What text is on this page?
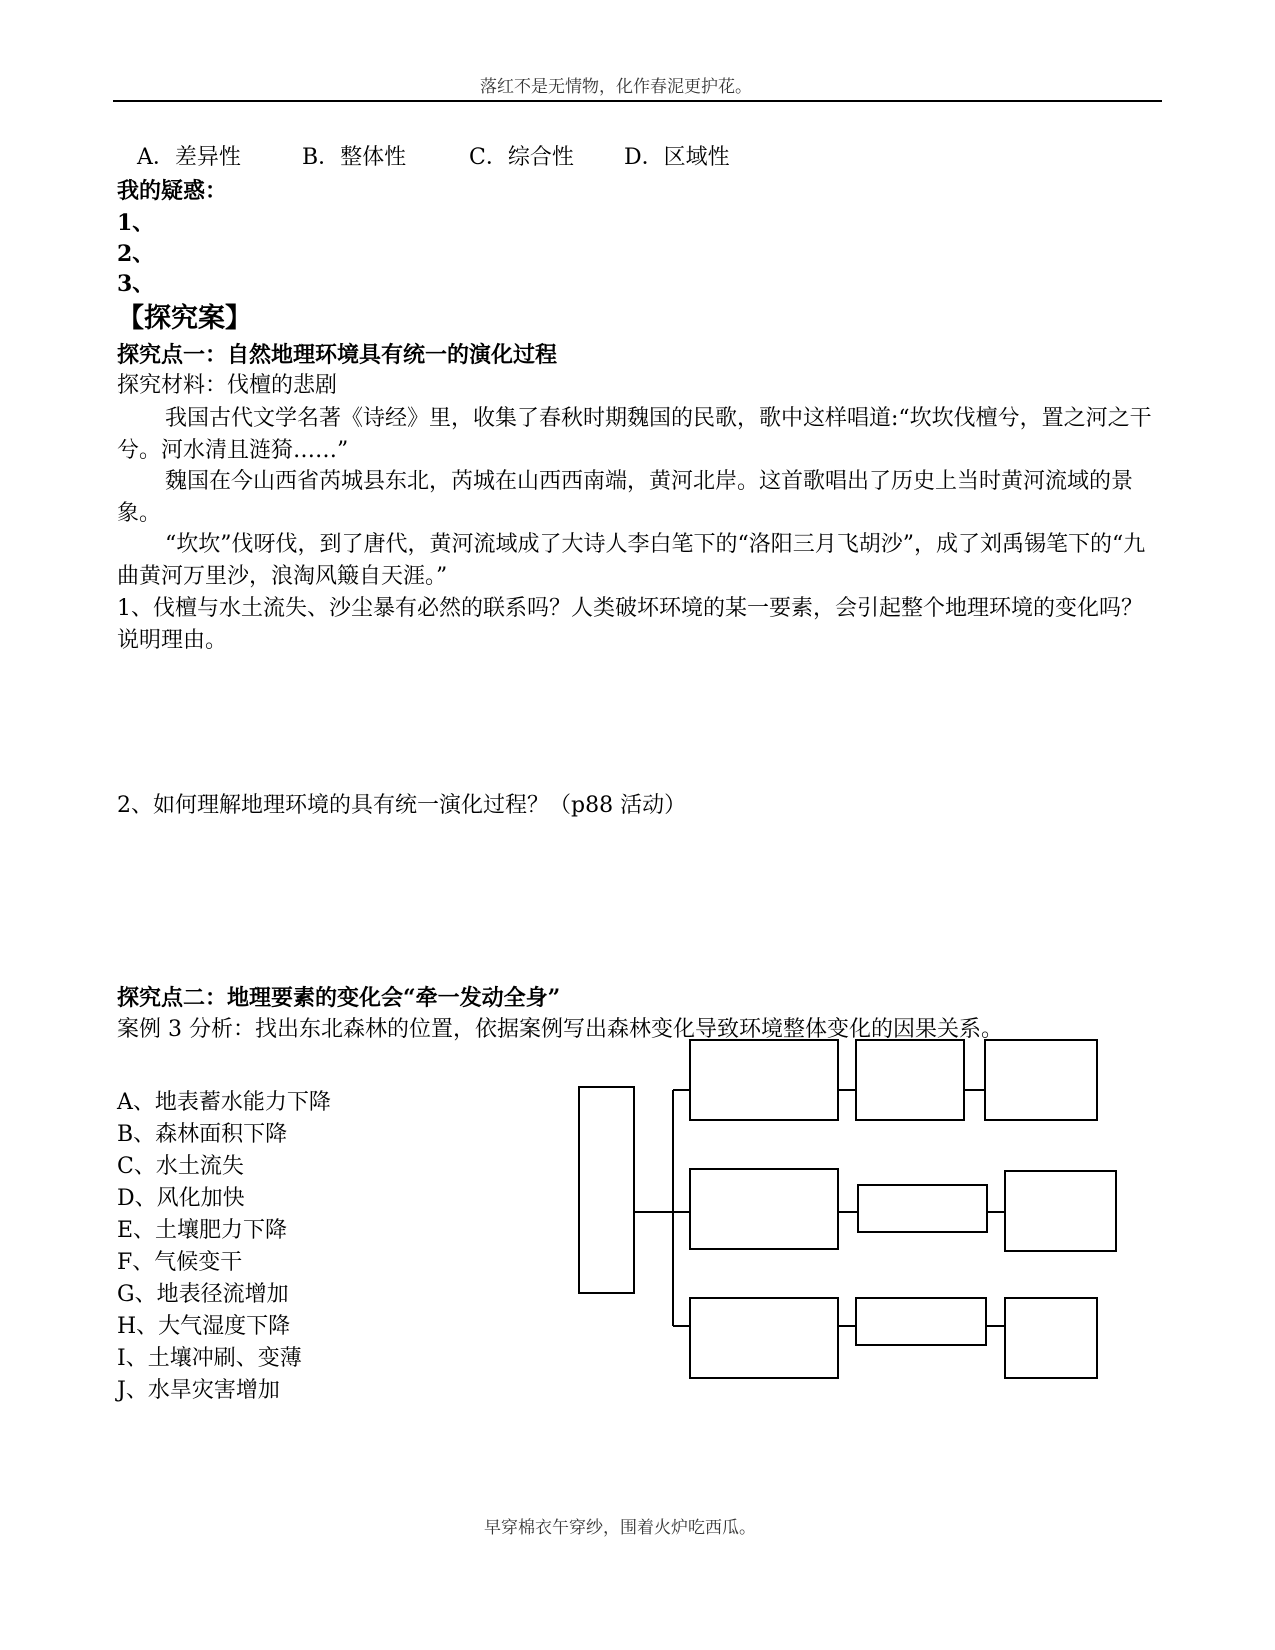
落红不是无情物，化作春泥更护花。
A．差异性	B．整体性	C．综合性 D．区域性
我的疑惑：
1、
2、
3、
【探究案】
探究点一：自然地理环境具有统一的演化过程
探究材料：伐檀的悲剧
我国古代文学名著《诗经》里，收集了春秋时期魏国的民歌，歌中这样唱道:“坎坎伐檀兮，置之河之干兮。河水清且涟猗……”
魏国在今山西省芮城县东北，芮城在山西西南端，黄河北岸。这首歌唱出了历史上当时黄河流域的景象。
“坎坎”伐呀伐，到了唐代，黄河流域成了大诗人李白笔下的“洛阳三月飞胡沙”，成了刘禹锡笔下的“九曲黄河万里沙，浪淘风簸自天涯。”
1、伐檀与水土流失、沙尘暴有必然的联系吗？人类破坏环境的某一要素，会引起整个地理环境的变化吗？说明理由。
2、如何理解地理环境的具有统一演化过程？（p88 活动）
探究点二：地理要素的变化会“牵一发动全身”
案例 3 分析：找出东北森林的位置，依据案例写出森林变化导致环境整体变化的因果关系。
A、地表蓄水能力下降
B、森林面积下降
C、水土流失
D、风化加快
E、土壤肥力下降
F、气候变干
G、地表径流增加
H、大气湿度下降
I、土壤冲刷、变薄
J、水旱灾害增加
早穿棉衣午穿纱，围着火炉吃西瓜。
